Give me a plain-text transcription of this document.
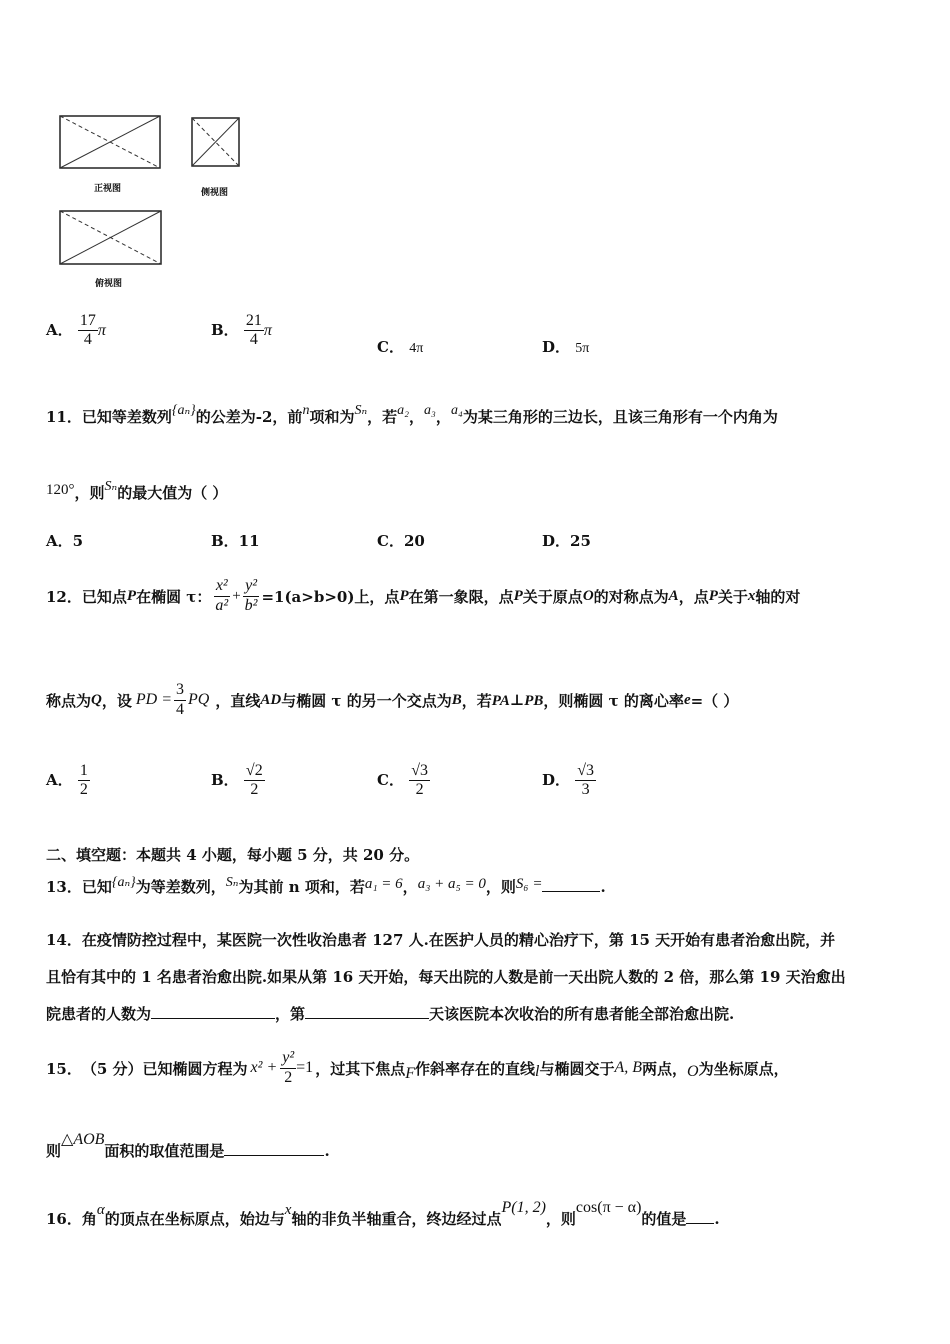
正视图	侧视图
俯视图
A． $\frac{17}{4}$ π	B． $\frac{21}{4}$ π
C． 4π	D． 5π
11．已知等差数列{aₙ}的公差为-2，前n项和为Sₙ，若a₂，a₃，a₄为某三角形的三边长，且该三角形有一个内角为
120°，则Sₙ的最大值为（ ）
A．5	B．11	C．20	D．25
12． 已知点 P 在椭圆 τ： $\frac{\text{x²}}{\text{a²}} + \frac{\text{y²}}{\text{b²}} =1(a>b>0)$上，点 P 在第一象限，点 P 关于原点 O 的对称点为 A ，点 P 关于 x 轴的对
称点为 Q ，设 PD = $\frac{3}{4}$ PQ ，直线 AD 与椭圆 τ 的另一个交点为 B ，若 PA⊥PB ，则椭圆 τ 的离心率 e =（ ）
A． $\frac{1}{2}$	B． $\frac{√2}{2}$	C． $\frac{√3}{2}$	D． $\frac{√3}{3}$
二、填空题：本题共 4 小题，每小题 5 分，共 20 分。
13．已知{aₙ}为等差数列，Sₙ为其前 n 项和，若a₁ = 6，a₃ + a₅ = 0，则S₆ =	.
14．在疫情防控过程中，某医院一次性收治患者 127 人.在医护人员的精心治疗下，第 15 天开始有患者治愈出院，并
且恰有其中的 1 名患者治愈出院.如果从第 16 天开始，每天出院的人数是前一天出院人数的 2 倍，那么第 19 天治愈出
院患者的人数为	，第	天该医院本次收治的所有患者能全部治愈出院.
15． （5 分）已知椭圆方程为 $x^2 + \frac{\text{y²}}{2} =1$ ，过其下焦点 F 作斜率存在的直线 l 与椭圆交于 A, B 两点， O 为坐标原点，
则△AOB面积的取值范围是	.
16．角α的顶点在坐标原点，始边与x轴的非负半轴重合，终边经过点P(1, 2)，则cos(π − α)的值是 .
